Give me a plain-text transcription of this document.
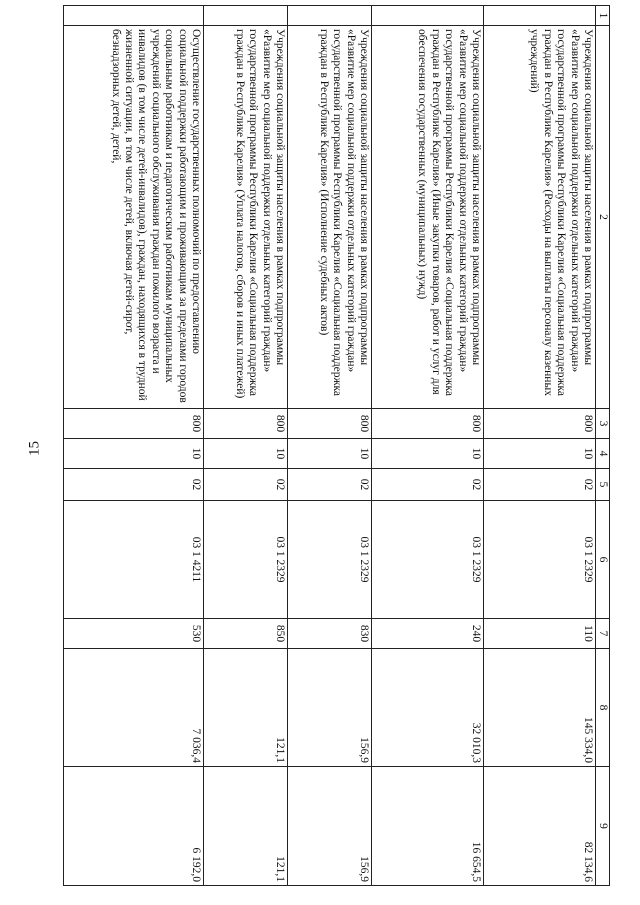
15
1	2	3	4	5	6	7	8	9
	Учреждения социальной защиты населения в рамках подпрограммы «Развитие мер социальной поддержки отдельных категорий граждан» государственной программы Республики Карелия «Социальная поддержка граждан в Республике Карелия» (Расходы на выплаты персоналу казенных учреждений)	800	10	02	03 1 2329	110	145 334,0	82 134,6
	Учреждения социальной защиты населения в рамках подпрограммы «Развитие мер социальной поддержки отдельных категорий граждан» государственной программы Республики Карелия «Социальная поддержка граждан в Республике Карелия» (Иные закупки товаров, работ и услуг для обеспечения государственных (муниципальных) нужд)	800	10	02	03 1 2329	240	32 010,3	16 654,5
	Учреждения социальной защиты населения в рамках подпрограммы «Развитие мер социальной поддержки отдельных категорий граждан» государственной программы Республики Карелия «Социальная поддержка граждан в Республике Карелия» (Исполнение судебных актов)	800	10	02	03 1 2329	830	156,9	156,9
	Учреждения социальной защиты населения в рамках подпрограммы «Развитие мер социальной поддержки отдельных категорий граждан» государственной программы Республики Карелия «Социальная поддержка граждан в Республике Карелия» (Уплата налогов, сборов и иных платежей)	800	10	02	03 1 2329	850	121,1	121,1
	Осуществление государственных полномочий по предоставлению социальной поддержки работающим и проживающим за пределами городов социальным работникам и педагогическим работникам муниципальных учреждений социального обслуживания граждан пожилого возраста и инвалидов (в том числе детей-инвалидов), граждан, находящихся в трудной жизненной ситуации, в том числе детей, включая детей-сирот, безнадзорных детей, детей,	800	10	02	03 1 4211	530	7 036,4	6 192,0
